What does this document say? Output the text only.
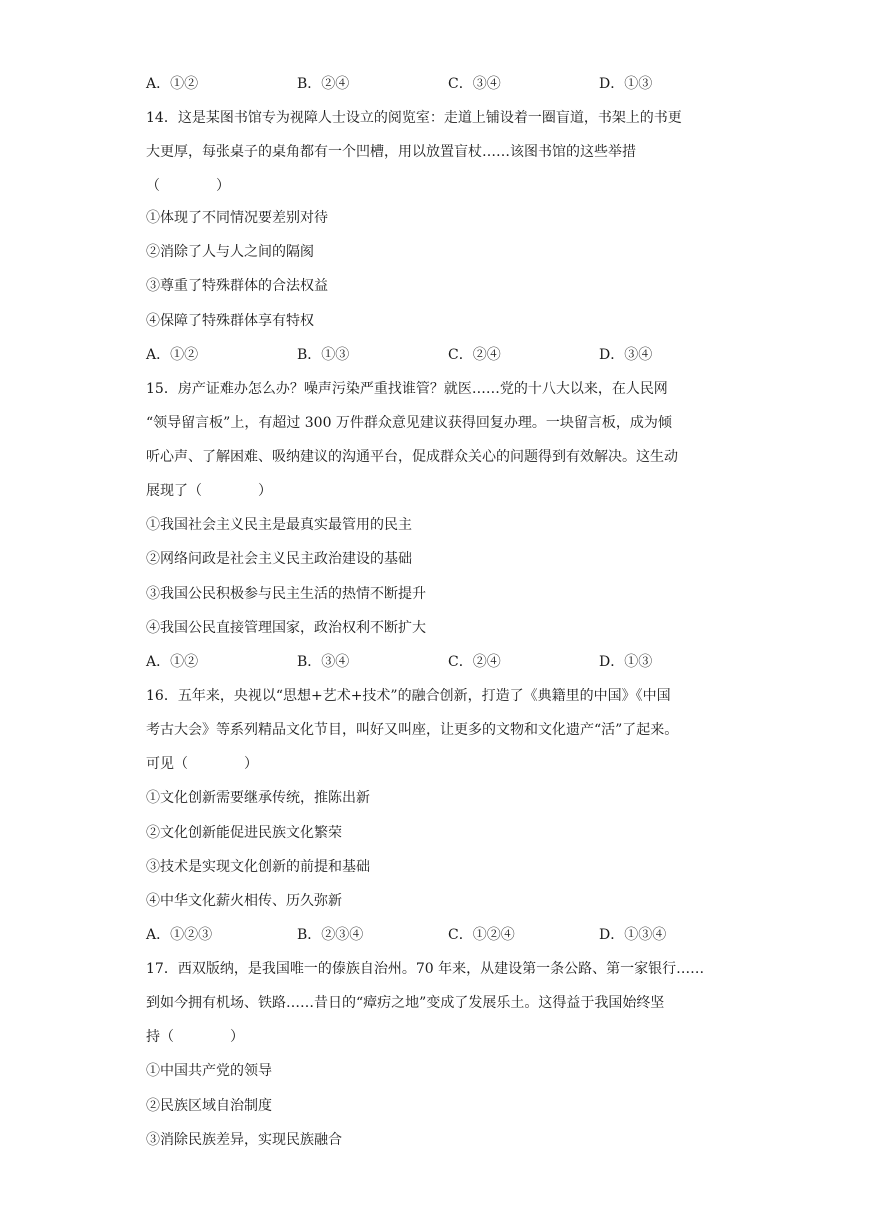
A．①②	B．②④	C．③④	D．①③
14．这是某图书馆专为视障人士设立的阅览室：走道上铺设着一圈盲道，书架上的书更
大更厚，每张桌子的桌角都有一个凹槽，用以放置盲杖……该图书馆的这些举措
（　　　　）
①体现了不同情况要差别对待
②消除了人与人之间的隔阂
③尊重了特殊群体的合法权益
④保障了特殊群体享有特权
A．①②	B．①③	C．②④	D．③④
15．房产证难办怎么办？噪声污染严重找谁管？就医……党的十八大以来，在人民网
“领导留言板”上，有超过 300 万件群众意见建议获得回复办理。一块留言板，成为倾
听心声、了解困难、吸纳建议的沟通平台，促成群众关心的问题得到有效解决。这生动
展现了（　　　　）
①我国社会主义民主是最真实最管用的民主
②网络问政是社会主义民主政治建设的基础
③我国公民积极参与民主生活的热情不断提升
④我国公民直接管理国家，政治权利不断扩大
A．①②	B．③④	C．②④	D．①③
16．五年来，央视以“思想+艺术+技术”的融合创新，打造了《典籍里的中国》《中国
考古大会》等系列精品文化节目，叫好又叫座，让更多的文物和文化遗产“活”了起来。
可见（　　　　）
①文化创新需要继承传统，推陈出新
②文化创新能促进民族文化繁荣
③技术是实现文化创新的前提和基础
④中华文化薪火相传、历久弥新
A．①②③	B．②③④	C．①②④	D．①③④
17．西双版纳，是我国唯一的傣族自治州。70 年来，从建设第一条公路、第一家银行……
到如今拥有机场、铁路……昔日的“瘴疠之地”变成了发展乐土。这得益于我国始终坚
持（　　　　）
①中国共产党的领导
②民族区域自治制度
③消除民族差异，实现民族融合
